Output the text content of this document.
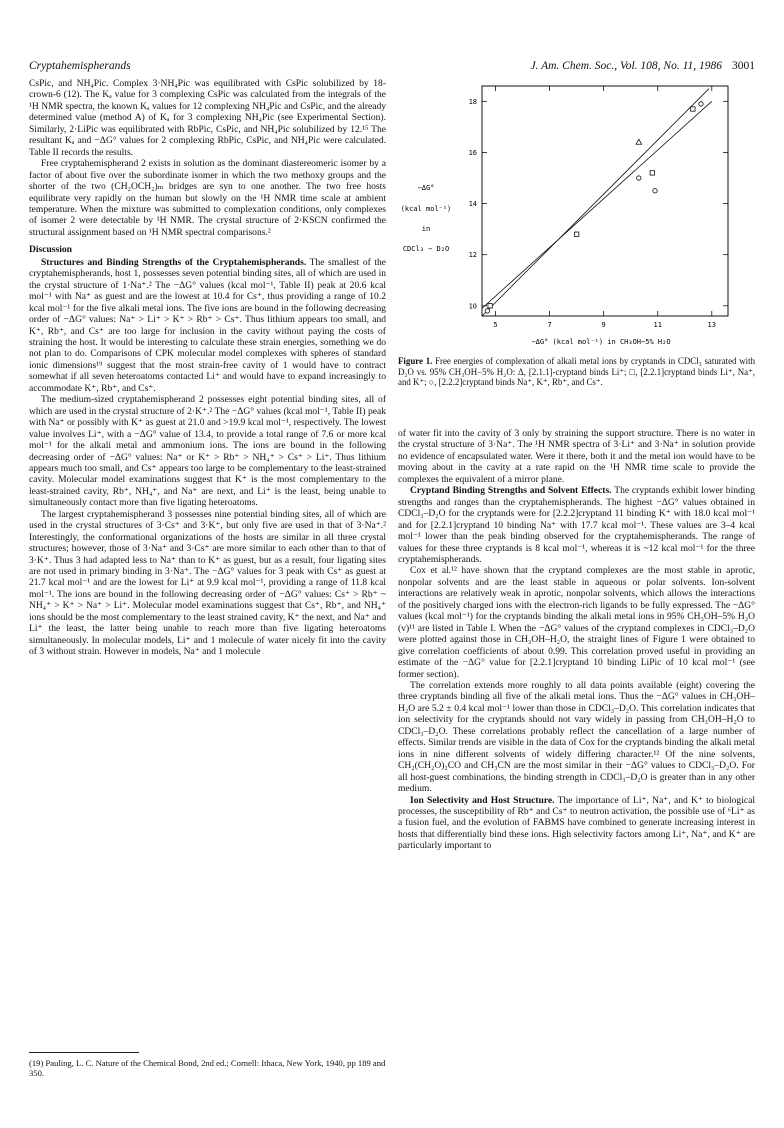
Cryptahemispherands	J. Am. Chem. Soc., Vol. 108, No. 11, 1986 3001

CsPic, and NH₄Pic. Complex 3·NH₄Pic was equilibrated with CsPic solubilized by 18-crown-6 (12). The Kₐ value for 3 complexing CsPic was calculated from the integrals of the ¹H NMR spectra, the known Kₐ values for 12 complexing NH₄Pic and CsPic, and the already determined value (method A) of Kₐ for 3 complexing NH₄Pic (see Experimental Section). Similarly, 2·LiPic was equilibrated with RbPic, CsPic, and NH₄Pic solubilized by 12.¹⁵ The resultant Kₐ and −ΔG° values for 2 complexing RbPic, CsPic, and NH₄Pic were calculated. Table II records the results.

Free cryptahemispherand 2 exists in solution as the dominant diastereomeric isomer by a factor of about five over the subordinate isomer in which the two methoxy groups and the shorter of the two (CH₂OCH₂)ₘ bridges are syn to one another. The two free hosts equilibrate very rapidly on the human but slowly on the ¹H NMR time scale at ambient temperature. When the mixture was submitted to complexation conditions, only complexes of isomer 2 were detectable by ¹H NMR. The crystal structure of 2·KSCN confirmed the structural assignment based on ¹H NMR spectral comparisons.²

Discussion

Structures and Binding Strengths of the Cryptahemispherands. The smallest of the cryptahemispherands, host 1, possesses seven potential binding sites, all of which are used in the crystal structure of 1·Na⁺.² The −ΔG° values (kcal mol⁻¹, Table II) peak at 20.6 kcal mol⁻¹ with Na⁺ as guest and are the lowest at 10.4 for Cs⁺, thus providing a range of 10.2 kcal mol⁻¹ for the five alkali metal ions. The five ions are bound in the following decreasing order of −ΔG° values: Na⁺ > Li⁺ > K⁺ > Rb⁺ > Cs⁺. Thus lithium appears too small, and K⁺, Rb⁺, and Cs⁺ are too large for inclusion in the cavity without paying the costs of straining the host. It would be interesting to calculate these strain energies, something we do not plan to do. Comparisons of CPK molecular model complexes with spheres of standard ionic dimensions¹⁹ suggest that the most strain-free cavity of 1 would have to contract somewhat if all seven heteroatoms contacted Li⁺ and would have to expand increasingly to accommodate K⁺, Rb⁺, and Cs⁺.

The medium-sized cryptahemispherand 2 possesses eight potential binding sites, all of which are used in the crystal structure of 2·K⁺.² The −ΔG° values (kcal mol⁻¹, Table II) peak with Na⁺ or possibly with K⁺ as guest at 21.0 and >19.9 kcal mol⁻¹, respectively. The lowest value involves Li⁺, with a −ΔG° value of 13.4, to provide a total range of 7.6 or more kcal mol⁻¹ for the alkali metal and ammonium ions. The ions are bound in the following decreasing order of −ΔG° values: Na⁺ or K⁺ > Rb⁺ > NH₄⁺ > Cs⁺ > Li⁺. Thus lithium appears much too small, and Cs⁺ appears too large to be complementary to the least-strained cavity. Molecular model examinations suggest that K⁺ is the most complementary to the least-strained cavity, Rb⁺, NH₄⁺, and Na⁺ are next, and Li⁺ is the least, being unable to simultaneously contact more than five ligating heteroatoms.

The largest cryptahemispherand 3 possesses nine potential binding sites, all of which are used in the crystal structures of 3·Cs⁺ and 3·K⁺, but only five are used in that of 3·Na⁺.² Interestingly, the conformational organizations of the hosts are similar in all three crystal structures; however, those of 3·Na⁺ and 3·Cs⁺ are more similar to each other than to that of 3·K⁺. Thus 3 had adapted less to Na⁺ than to K⁺ as guest, but as a result, four ligating sites are not used in primary binding in 3·Na⁺. The −ΔG° values for 3 peak with Cs⁺ as guest at 21.7 kcal mol⁻¹ and are the lowest for Li⁺ at 9.9 kcal mol⁻¹, providing a range of 11.8 kcal mol⁻¹. The ions are bound in the following decreasing order of −ΔG° values: Cs⁺ > Rb⁺ ~ NH₄⁺ > K⁺ > Na⁺ > Li⁺. Molecular model examinations suggest that Cs⁺, Rb⁺, and NH₄⁺ ions should be the most complementary to the least strained cavity, K⁺ the next, and Na⁺ and Li⁺ the least, the latter being unable to reach more than five ligating heteroatoms simultaneously. In molecular models, Li⁺ and 1 molecule of water nicely fit into the cavity of 3 without strain. However in models, Na⁺ and 1 molecule

(19) Pauling, L. C. Nature of the Chemical Bond, 2nd ed.; Cornell: Ithaca, New York, 1940, pp 189 and 350.
5	7	9	11	13
10
12
14
16
18
−ΔG°
(kcal mol⁻¹)
in
CDCl₃ − D₂O
−ΔG° (kcal mol⁻¹) in CH₃OH−5% H₂O
Figure 1. Free energies of complexation of alkali metal ions by cryptands in CDCl₃ saturated with D₂O vs. 95% CH₃OH−5% H₂O: Δ, [2.1.1]-cryptand binds Li⁺; □, [2.2.1]cryptand binds Li⁺, Na⁺, and K⁺; ○, [2.2.2]cryptand binds Na⁺, K⁺, Rb⁺, and Cs⁺.

of water fit into the cavity of 3 only by straining the support structure. There is no water in the crystal structure of 3·Na⁺. The ¹H NMR spectra of 3·Li⁺ and 3·Na⁺ in solution provide no evidence of encapsulated water. Were it there, both it and the metal ion would have to be moving about in the cavity at a rate rapid on the ¹H NMR time scale to provide the complexes the equivalent of a mirror plane.

Cryptand Binding Strengths and Solvent Effects. The cryptands exhibit lower binding strengths and ranges than the cryptahemispherands. The highest −ΔG° values obtained in CDCl₃–D₂O for the cryptands were for [2.2.2]cryptand 11 binding K⁺ with 18.0 kcal mol⁻¹ and for [2.2.1]cryptand 10 binding Na⁺ with 17.7 kcal mol⁻¹. These values are 3–4 kcal mol⁻¹ lower than the peak binding observed for the cryptahemispherands. The range of values for these three cryptands is 8 kcal mol⁻¹, whereas it is ~12 kcal mol⁻¹ for the three cryptahemispherands.

Cox et al.¹² have shown that the cryptand complexes are the most stable in aprotic, nonpolar solvents and are the least stable in aqueous or polar solvents. Ion-solvent interactions are relatively weak in aprotic, nonpolar solvents, which allows the interactions of the positively charged ions with the electron-rich ligands to be fully expressed. The −ΔG° values (kcal mol⁻¹) for the cryptands binding the alkali metal ions in 95% CH₃OH–5% H₂O (v)¹¹ are listed in Table I. When the −ΔG° values of the cryptand complexes in CDCl₃–D₂O were plotted against those in CH₃OH–H₂O, the straight lines of Figure 1 were obtained to give correlation coefficients of about 0.99. This correlation proved useful in providing an estimate of the −ΔG° value for [2.2.1]cryptand 10 binding LiPic of 10 kcal mol⁻¹ (see former section).

The correlation extends more roughly to all data points available (eight) covering the three cryptands binding all five of the alkali metal ions. Thus the −ΔG° values in CH₃OH–H₂O are 5.2 ± 0.4 kcal mol⁻¹ lower than those in CDCl₃–D₂O. This correlation indicates that ion selectivity for the cryptands should not vary widely in passing from CH₃OH–H₂O to CDCl₃–D₂O. These correlations probably reflect the cancellation of a large number of effects. Similar trends are visible in the data of Cox for the cryptands binding the alkali metal ions in nine different solvents of widely differing character.¹² Of the nine solvents, CH₂(CH₂O)₂CO and CH₃CN are the most similar in their −ΔG° values to CDCl₃–D₂O. For all host-guest combinations, the binding strength in CDCl₃–D₂O is greater than in any other medium.

Ion Selectivity and Host Structure. The importance of Li⁺, Na⁺, and K⁺ to biological processes, the susceptibility of Rb⁺ and Cs⁺ to neutron activation, the possible use of ⁶Li⁺ as a fusion fuel, and the evolution of FABMS have combined to generate increasing interest in hosts that differentially bind these ions. High selectivity factors among Li⁺, Na⁺, and K⁺ are particularly important to
